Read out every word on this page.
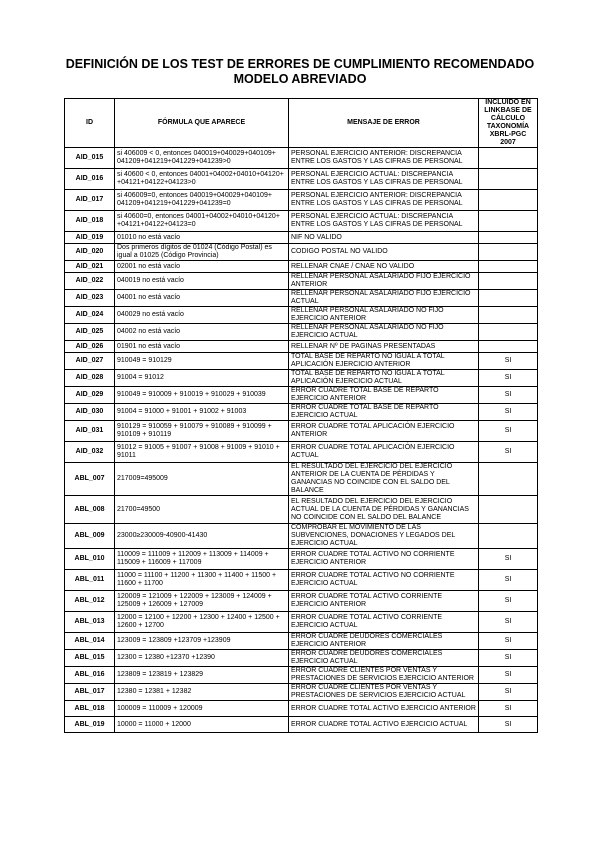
DEFINICIÓN DE LOS TEST DE ERRORES DE CUMPLIMIENTO RECOMENDADO
MODELO ABREVIADO
ID	FÓRMULA QUE APARECE	MENSAJE DE ERROR	INCLUIDO EN LINKBASE DE CÁLCULO TAXONOMÍA XBRL-PGC 2007
AID_015	si 406009 < 0, entonces 040019+040029+040109+ 041209+041219+041229+041239>0	PERSONAL EJERCICIO ANTERIOR: DISCREPANCIA ENTRE LOS GASTOS Y LAS CIFRAS DE PERSONAL	
AID_016	si 40600 < 0, entonces 04001+04002+04010+04120+ +04121+04122+04123>0	PERSONAL EJERCICIO ACTUAL: DISCREPANCIA ENTRE LOS GASTOS Y LAS CIFRAS DE PERSONAL	
AID_017	si 406009=0, entonces 040019+040029+040109+ 041209+041219+041229+041239=0	PERSONAL EJERCICIO ANTERIOR: DISCREPANCIA ENTRE LOS GASTOS Y LAS CIFRAS DE PERSONAL	
AID_018	si 40600=0, entonces 04001+04002+04010+04120+ +04121+04122+04123=0	PERSONAL EJERCICIO ACTUAL: DISCREPANCIA ENTRE LOS GASTOS Y LAS CIFRAS DE PERSONAL	
AID_019	01010 no está vacío	NIF NO VALIDO	
AID_020	Dos primeros dígitos de 01024 (Código Postal) es igual a 01025 (Código Provincia)	CODIGO POSTAL NO VALIDO	
AID_021	02001 no está vacío	RELLENAR CNAE / CNAE NO VALIDO	
AID_022	040019 no está vacío	RELLENAR PERSONAL ASALARIADO FIJO EJERCICIO ANTERIOR	
AID_023	04001 no está vacío	RELLENAR PERSONAL ASALARIADO FIJO EJERCICIO ACTUAL	
AID_024	040029 no está vacío	RELLENAR PERSONAL ASALARIADO NO FIJO EJERCICIO ANTERIOR	
AID_025	04002 no está vacío	RELLENAR PERSONAL ASALARIADO NO FIJO EJERCICIO ACTUAL	
AID_026	01901 no está vacío	RELLENAR Nº DE PAGINAS PRESENTADAS	
AID_027	910049 = 910129	TOTAL BASE DE REPARTO NO IGUAL A TOTAL APLICACIÓN EJERCICIO ANTERIOR	SI
AID_028	91004 = 91012	TOTAL BASE DE REPARTO NO IGUAL A TOTAL APLICACIÓN EJERCICIO ACTUAL	SI
AID_029	910049 = 910009 + 910019 + 910029 + 910039	ERROR CUADRE TOTAL BASE DE REPARTO EJERCICIO ANTERIOR	SI
AID_030	91004 = 91000 + 91001 + 91002 + 91003	ERROR CUADRE TOTAL BASE DE REPARTO EJERCICIO ACTUAL	SI
AID_031	910129 = 910059 + 910079 + 910089 + 910099 + 910109 + 910119	ERROR CUADRE TOTAL APLICACIÓN EJERCICIO ANTERIOR	SI
AID_032	91012 = 91005 + 91007 + 91008 + 91009 + 91010 + 91011	ERROR CUADRE TOTAL APLICACIÓN EJERCICIO ACTUAL	SI
ABL_007	217009=495009	EL RESULTADO DEL EJERCICIO DEL EJERCICIO ANTERIOR DE LA CUENTA DE PÉRDIDAS Y GANANCIAS NO COINCIDE CON EL SALDO DEL BALANCE	
ABL_008	21700=49500	EL RESULTADO DEL EJERCICIO DEL EJERCICIO ACTUAL DE LA CUENTA DE PÉRDIDAS Y GANANCIAS NO COINCIDE CON EL SALDO DEL BALANCE	
ABL_009	23000≥230009-40900-41430	COMPROBAR EL MOVIMIENTO DE LAS SUBVENCIONES, DONACIONES Y LEGADOS DEL EJERCICIO ACTUAL	
ABL_010	110009 = 111009 + 112009 + 113009 + 114009 + 115009 + 116009 + 117009	ERROR CUADRE TOTAL ACTIVO NO CORRIENTE EJERCICIO ANTERIOR	SI
ABL_011	11000 = 11100 + 11200 + 11300 + 11400 + 11500 + 11600 + 11700	ERROR CUADRE TOTAL ACTIVO NO CORRIENTE EJERCICIO ACTUAL	SI
ABL_012	120009 = 121009 + 122009 + 123009 + 124009 + 125009 + 126009 + 127009	ERROR CUADRE TOTAL ACTIVO CORRIENTE EJERCICIO ANTERIOR	SI
ABL_013	12000 = 12100 + 12200 + 12300 + 12400 + 12500 + 12600 + 12700	ERROR CUADRE TOTAL ACTIVO CORRIENTE EJERCICIO ACTUAL	SI
ABL_014	123009 = 123809 +123709 +123909	ERROR CUADRE DEUDORES COMERCIALES EJERCICIO ANTERIOR	SI
ABL_015	12300 = 12380 +12370 +12390	ERROR CUADRE DEUDORES COMERCIALES EJERCICIO ACTUAL	SI
ABL_016	123809 = 123819 + 123829	ERROR CUADRE CLIENTES POR VENTAS Y PRESTACIONES DE SERVICIOS EJERCICIO ANTERIOR	SI
ABL_017	12380 = 12381 + 12382	ERROR CUADRE CLIENTES POR VENTAS Y PRESTACIONES DE SERVICIOS EJERCICIO ACTUAL	SI
ABL_018	100009 = 110009 + 120009	ERROR CUADRE TOTAL ACTIVO EJERCICIO ANTERIOR	SI
ABL_019	10000 = 11000 + 12000	ERROR CUADRE TOTAL ACTIVO EJERCICIO ACTUAL	SI
